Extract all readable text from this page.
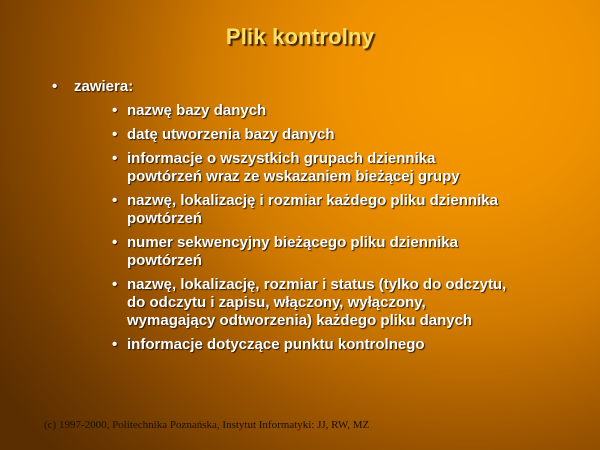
Plik kontrolny
• zawiera:
• nazwę bazy danych
• datę utworzenia bazy danych
• informacje o wszystkich grupach dziennika
powtórzeń wraz ze wskazaniem bieżącej grupy
• nazwę, lokalizację i rozmiar każdego pliku dziennika
powtórzeń
• numer sekwencyjny bieżącego pliku dziennika
powtórzeń
• nazwę, lokalizację, rozmiar i status (tylko do odczytu,
do odczytu i zapisu, włączony, wyłączony,
wymagający odtworzenia) każdego pliku danych
• informacje dotyczące punktu kontrolnego
(c) 1997-2000, Politechnika Poznańska, Instytut Informatyki: JJ, RW, MZ
